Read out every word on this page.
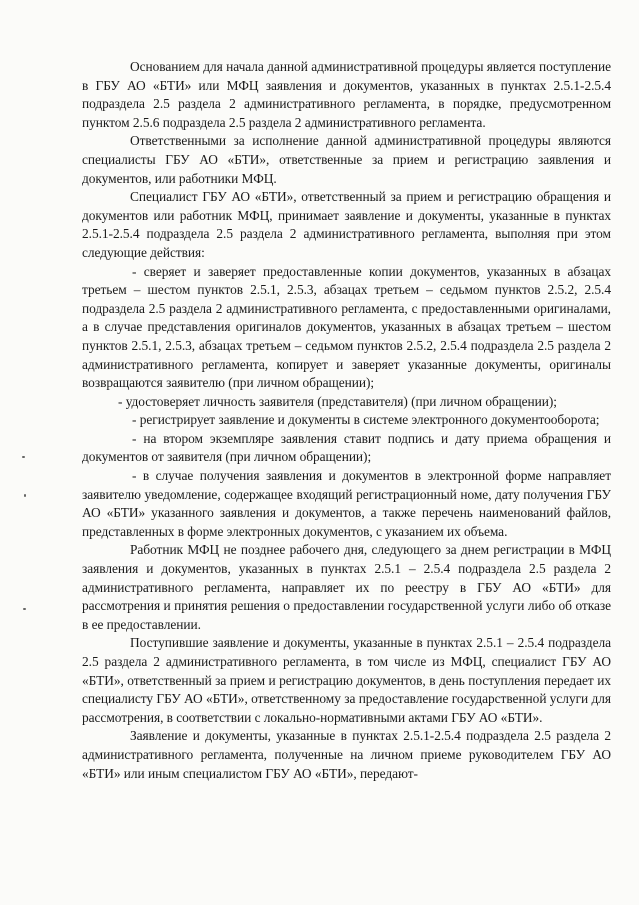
Основанием для начала данной административной процедуры является поступление в ГБУ АО «БТИ» или МФЦ заявления и документов, указанных в пунктах 2.5.1-2.5.4 подраздела 2.5 раздела 2 административного регламента, в порядке, предусмотренном пунктом 2.5.6 подраздела 2.5 раздела 2 административного регламента.

Ответственными за исполнение данной административной процедуры являются специалисты ГБУ АО «БТИ», ответственные за прием и регистрацию заявления и документов, или работники МФЦ.

Специалист ГБУ АО «БТИ», ответственный за прием и регистрацию обращения и документов или работник МФЦ, принимает заявление и документы, указанные в пунктах 2.5.1-2.5.4 подраздела 2.5 раздела 2 административного регламента, выполняя при этом следующие действия:

- сверяет и заверяет предоставленные копии документов, указанных в абзацах третьем – шестом пунктов 2.5.1, 2.5.3, абзацах третьем – седьмом пунктов 2.5.2, 2.5.4 подраздела 2.5 раздела 2 административного регламента, с предоставленными оригиналами, а в случае представления оригиналов документов, указанных в абзацах третьем – шестом пунктов 2.5.1, 2.5.3, абзацах третьем – седьмом пунктов 2.5.2, 2.5.4 подраздела 2.5 раздела 2 административного регламента, копирует и заверяет указанные документы, оригиналы возвращаются заявителю (при личном обращении);

- удостоверяет личность заявителя (представителя) (при личном обращении);

- регистрирует заявление и документы в системе электронного документооборота;

- на втором экземпляре заявления ставит подпись и дату приема обращения и документов от заявителя (при личном обращении);

- в случае получения заявления и документов в электронной форме направляет заявителю уведомление, содержащее входящий регистрационный номе, дату получения ГБУ АО «БТИ» указанного заявления и документов, а также перечень наименований файлов, представленных в форме электронных документов, с указанием их объема.

Работник МФЦ не позднее рабочего дня, следующего за днем регистрации в МФЦ заявления и документов, указанных в пунктах 2.5.1 – 2.5.4 подраздела 2.5 раздела 2 административного регламента, направляет их по реестру в ГБУ АО «БТИ» для рассмотрения и принятия решения о предоставлении государственной услуги либо об отказе в ее предоставлении.

Поступившие заявление и документы, указанные в пунктах 2.5.1 – 2.5.4 подраздела 2.5 раздела 2 административного регламента, в том числе из МФЦ, специалист ГБУ АО «БТИ», ответственный за прием и регистрацию документов, в день поступления передает их специалисту ГБУ АО «БТИ», ответственному за предоставление государственной услуги для рассмотрения, в соответствии с локально-нормативными актами ГБУ АО «БТИ».

Заявление и документы, указанные в пунктах 2.5.1-2.5.4 подраздела 2.5 раздела 2 административного регламента, полученные на личном приеме руководителем ГБУ АО «БТИ» или иным специалистом ГБУ АО «БТИ», передают-
